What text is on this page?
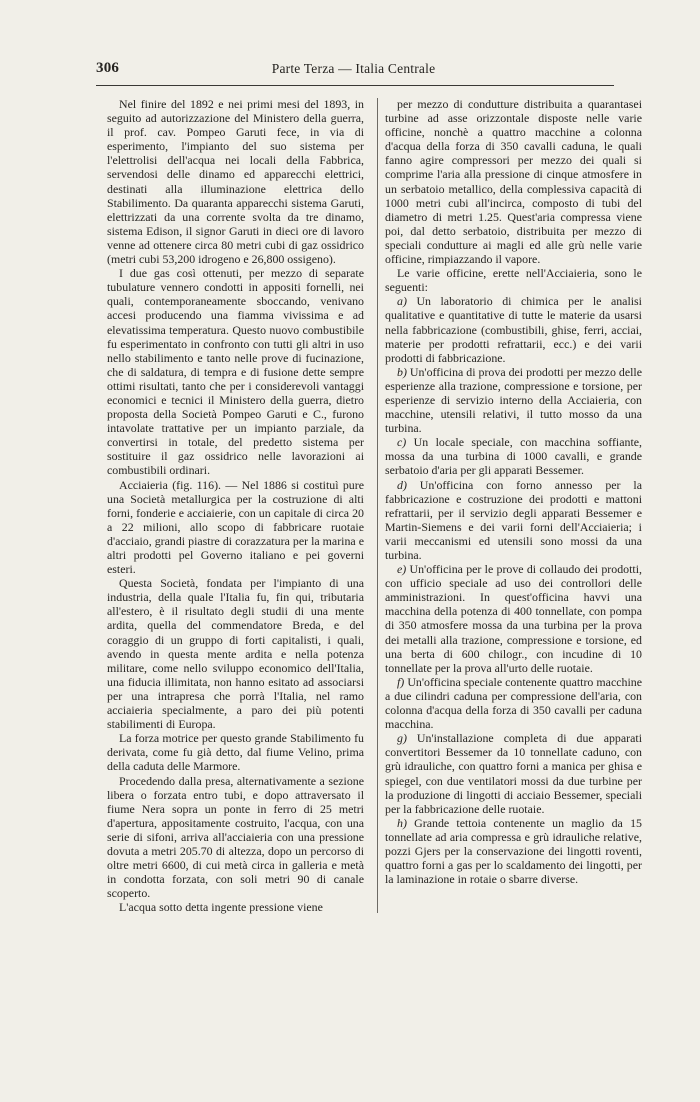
306	Parte Terza — Italia Centrale

Nel finire del 1892 e nei primi mesi del 1893, in seguito ad autorizzazione del Ministero della guerra, il prof. cav. Pompeo Garuti fece, in via di esperimento, l'impianto del suo sistema per l'elettrolisi dell'acqua nei locali della Fabbrica, servendosi delle dinamo ed apparecchi elettrici, destinati alla illuminazione elettrica dello Stabilimento. Da quaranta apparecchi sistema Garuti, elettrizzati da una corrente svolta da tre dinamo, sistema Edison, il signor Garuti in dieci ore di lavoro venne ad ottenere circa 80 metri cubi di gaz ossidrico (metri cubi 53,200 idrogeno e 26,800 ossigeno).

I due gas così ottenuti, per mezzo di separate tubulature vennero condotti in appositi fornelli, nei quali, contemporaneamente sboccando, venivano accesi producendo una fiamma vivissima e ad elevatissima temperatura. Questo nuovo combustibile fu esperimentato in confronto con tutti gli altri in uso nello stabilimento e tanto nelle prove di fucinazione, che di saldatura, di tempra e di fusione dette sempre ottimi risultati, tanto che per i considerevoli vantaggi economici e tecnici il Ministero della guerra, dietro proposta della Società Pompeo Garuti e C., furono intavolate trattative per un impianto parziale, da convertirsi in totale, del predetto sistema per sostituire il gaz ossidrico nelle lavorazioni ai combustibili ordinari.

Acciaieria (fig. 116). — Nel 1886 si costituì pure una Società metallurgica per la costruzione di alti forni, fonderie e acciaierie, con un capitale di circa 20 a 22 milioni, allo scopo di fabbricare ruotaie d'acciaio, grandi piastre di corazzatura per la marina e altri prodotti pel Governo italiano e pei governi esteri.

Questa Società, fondata per l'impianto di una industria, della quale l'Italia fu, fin qui, tributaria all'estero, è il risultato degli studii di una mente ardita, quella del commendatore Breda, e del coraggio di un gruppo di forti capitalisti, i quali, avendo in questa mente ardita e nella potenza militare, come nello sviluppo economico dell'Italia, una fiducia illimitata, non hanno esitato ad associarsi per una intrapresa che porrà l'Italia, nel ramo acciaieria specialmente, a paro dei più potenti stabilimenti di Europa.

La forza motrice per questo grande Stabilimento fu derivata, come fu già detto, dal fiume Velino, prima della caduta delle Marmore.

Procedendo dalla presa, alternativamente a sezione libera o forzata entro tubi, e dopo attraversato il fiume Nera sopra un ponte in ferro di 25 metri d'apertura, appositamente costruito, l'acqua, con una serie di sifoni, arriva all'acciaieria con una pressione dovuta a metri 205.70 di altezza, dopo un percorso di oltre metri 6600, di cui metà circa in galleria e metà in condotta forzata, con soli metri 90 di canale scoperto.

L'acqua sotto detta ingente pressione viene

per mezzo di condutture distribuita a quarantasei turbine ad asse orizzontale disposte nelle varie officine, nonchè a quattro macchine a colonna d'acqua della forza di 350 cavalli caduna, le quali fanno agire compressori per mezzo dei quali si comprime l'aria alla pressione di cinque atmosfere in un serbatoio metallico, della complessiva capacità di 1000 metri cubi all'incirca, composto di tubi del diametro di metri 1.25. Quest'aria compressa viene poi, dal detto serbatoio, distribuita per mezzo di speciali condutture ai magli ed alle grù nelle varie officine, rimpiazzando il vapore.

Le varie officine, erette nell'Acciaieria, sono le seguenti:

a) Un laboratorio di chimica per le analisi qualitative e quantitative di tutte le materie da usarsi nella fabbricazione (combustibili, ghise, ferri, acciai, materie per prodotti refrattarii, ecc.) e dei varii prodotti di fabbricazione.

b) Un'officina di prova dei prodotti per mezzo delle esperienze alla trazione, compressione e torsione, per esperienze di servizio interno della Acciaieria, con macchine, utensili relativi, il tutto mosso da una turbina.

c) Un locale speciale, con macchina soffiante, mossa da una turbina di 1000 cavalli, e grande serbatoio d'aria per gli apparati Bessemer.

d) Un'officina con forno annesso per la fabbricazione e costruzione dei prodotti e mattoni refrattarii, per il servizio degli apparati Bessemer e Martin-Siemens e dei varii forni dell'Acciaieria; i varii meccanismi ed utensili sono mossi da una turbina.

e) Un'officina per le prove di collaudo dei prodotti, con ufficio speciale ad uso dei controllori delle amministrazioni. In quest'officina havvi una macchina della potenza di 400 tonnellate, con pompa di 350 atmosfere mossa da una turbina per la prova dei metalli alla trazione, compressione e torsione, ed una berta di 600 chilogr., con incudine di 10 tonnellate per la prova all'urto delle ruotaie.

f) Un'officina speciale contenente quattro macchine a due cilindri caduna per compressione dell'aria, con colonna d'acqua della forza di 350 cavalli per caduna macchina.

g) Un'installazione completa di due apparati convertitori Bessemer da 10 tonnellate caduno, con grù idrauliche, con quattro forni a manica per ghisa e spiegel, con due ventilatori mossi da due turbine per la produzione di lingotti di acciaio Bessemer, speciali per la fabbricazione delle ruotaie.

h) Grande tettoia contenente un maglio da 15 tonnellate ad aria compressa e grù idrauliche relative, pozzi Gjers per la conservazione dei lingotti roventi, quattro forni a gas per lo scaldamento dei lingotti, per la laminazione in rotaie o sbarre diverse.
